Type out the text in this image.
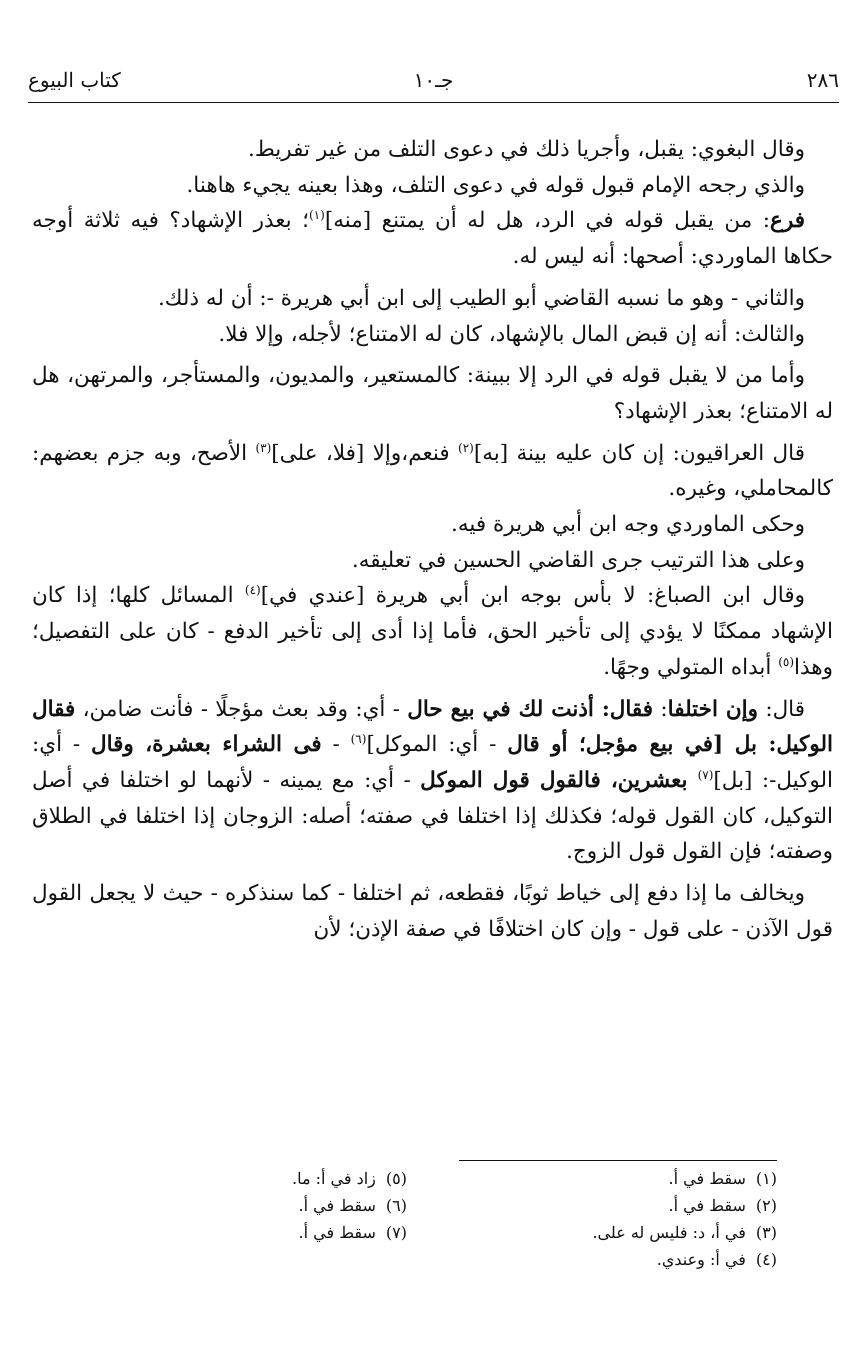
٢٨٦
جـ١٠
كتاب البيوع

وقال البغوي: يقبل، وأجريا ذلك في دعوى التلف من غير تفريط.

والذي رجحه الإمام قبول قوله في دعوى التلف، وهذا بعينه يجيء هاهنا.

فرع: من يقبل قوله في الرد، هل له أن يمتنع [منه]$^{(١)}$؛ بعذر الإشهاد؟ فيه ثلاثة أوجه حكاها الماوردي: أصحها: أنه ليس له.

والثاني - وهو ما نسبه القاضي أبو الطيب إلى ابن أبي هريرة -: أن له ذلك.

والثالث: أنه إن قبض المال بالإشهاد، كان له الامتناع؛ لأجله، وإلا فلا.

وأما من لا يقبل قوله في الرد إلا ببينة: كالمستعير، والمديون، والمستأجر، والمرتهن، هل له الامتناع؛ بعذر الإشهاد؟

قال العراقيون: إن كان عليه بينة [به]$^{(٢)}$ فنعم،وإلا [فلا، على]$^{(٣)}$ الأصح، وبه جزم بعضهم: كالمحاملي، وغيره.

وحكى الماوردي وجه ابن أبي هريرة فيه.

وعلى هذا الترتيب جرى القاضي الحسين في تعليقه.

وقال ابن الصباغ: لا بأس بوجه ابن أبي هريرة [عندي في]$^{(٤)}$ المسائل كلها؛ إذا كان الإشهاد ممكنًا لا يؤدي إلى تأخير الحق، فأما إذا أدى إلى تأخير الدفع - كان على التفصيل؛ وهذا$^{(٥)}$ أبداه المتولي وجهًا.

قال: وإن اختلفا: فقال: أذنت لك في بيع حال - أي: وقد بعث مؤجلًا - فأنت ضامن، فقال الوكيل: بل [في بيع مؤجل؛ أو قال - أي: الموكل]$^{(٦)}$ - فى الشراء بعشرة، وقال - أي: الوكيل-: [بل]$^{(٧)}$ بعشرين، فالقول قول الموكل - أي: مع يمينه - لأنهما لو اختلفا في أصل التوكيل، كان القول قوله؛ فكذلك إذا اختلفا في صفته؛ أصله: الزوجان إذا اختلفا في الطلاق وصفته؛ فإن القول قول الزوج.

ويخالف ما إذا دفع إلى خياط ثوبًا، فقطعه، ثم اختلفا - كما سنذكره - حيث لا يجعل القول قول الآذن - على قول - وإن كان اختلافًا في صفة الإذن؛ لأن

(١)
سقط في أ.
(٢)
سقط في أ.
(٣)
في أ، د: فليس له على.
(٤)
في أ: وعندي.
(٥)
زاد في أ: ما.
(٦)
سقط في أ.
(٧)
سقط في أ.
